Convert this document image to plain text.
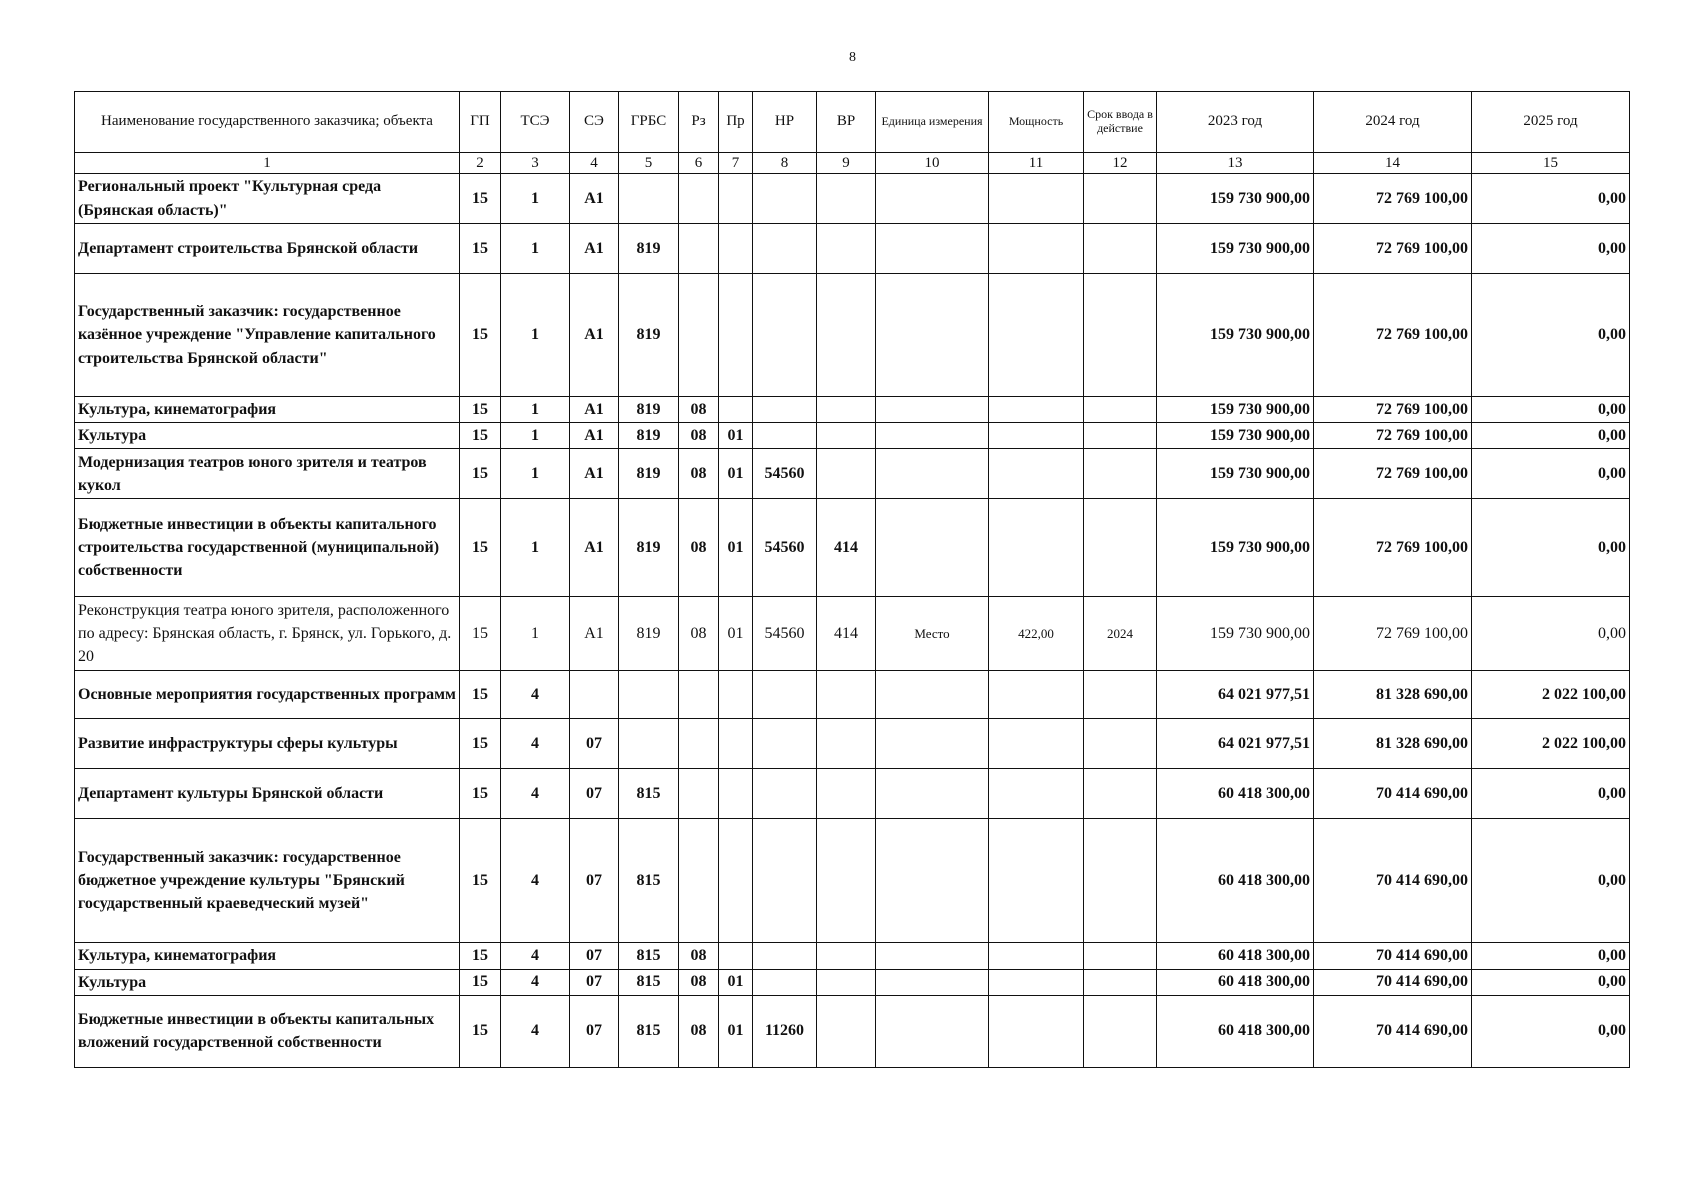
8
Наименование государственного заказчика; объекта	ГП	ТСЭ	СЭ	ГРБС	Рз	Пр	НР	ВР	Единица измерения	Мощность	Срок ввода в действие	2023 год	2024 год	2025 год
1	2	3	4	5	6	7	8	9	10	11	12	13	14	15
Региональный проект "Культурная среда (Брянская область)"	15	1	А1									159 730 900,00	72 769 100,00	0,00
Департамент строительства Брянской области	15	1	А1	819								159 730 900,00	72 769 100,00	0,00
Государственный заказчик: государственное казённое учреждение "Управление капитального строительства Брянской области"	15	1	А1	819								159 730 900,00	72 769 100,00	0,00
Культура, кинематография	15	1	А1	819	08							159 730 900,00	72 769 100,00	0,00
Культура	15	1	А1	819	08	01						159 730 900,00	72 769 100,00	0,00
Модернизация театров юного зрителя и театров кукол	15	1	А1	819	08	01	54560					159 730 900,00	72 769 100,00	0,00
Бюджетные инвестиции в объекты капитального строительства государственной (муниципальной) собственности	15	1	А1	819	08	01	54560	414				159 730 900,00	72 769 100,00	0,00
Реконструкция театра юного зрителя, расположенного по адресу: Брянская область, г. Брянск, ул. Горького, д. 20	15	1	А1	819	08	01	54560	414	Место	422,00	2024	159 730 900,00	72 769 100,00	0,00
Основные мероприятия государственных программ	15	4										64 021 977,51	81 328 690,00	2 022 100,00
Развитие инфраструктуры сферы культуры	15	4	07									64 021 977,51	81 328 690,00	2 022 100,00
Департамент культуры Брянской области	15	4	07	815								60 418 300,00	70 414 690,00	0,00
Государственный заказчик: государственное бюджетное учреждение культуры "Брянский государственный краеведческий музей"	15	4	07	815								60 418 300,00	70 414 690,00	0,00
Культура, кинематография	15	4	07	815	08							60 418 300,00	70 414 690,00	0,00
Культура	15	4	07	815	08	01						60 418 300,00	70 414 690,00	0,00
Бюджетные инвестиции в объекты капитальных вложений государственной собственности	15	4	07	815	08	01	11260					60 418 300,00	70 414 690,00	0,00
